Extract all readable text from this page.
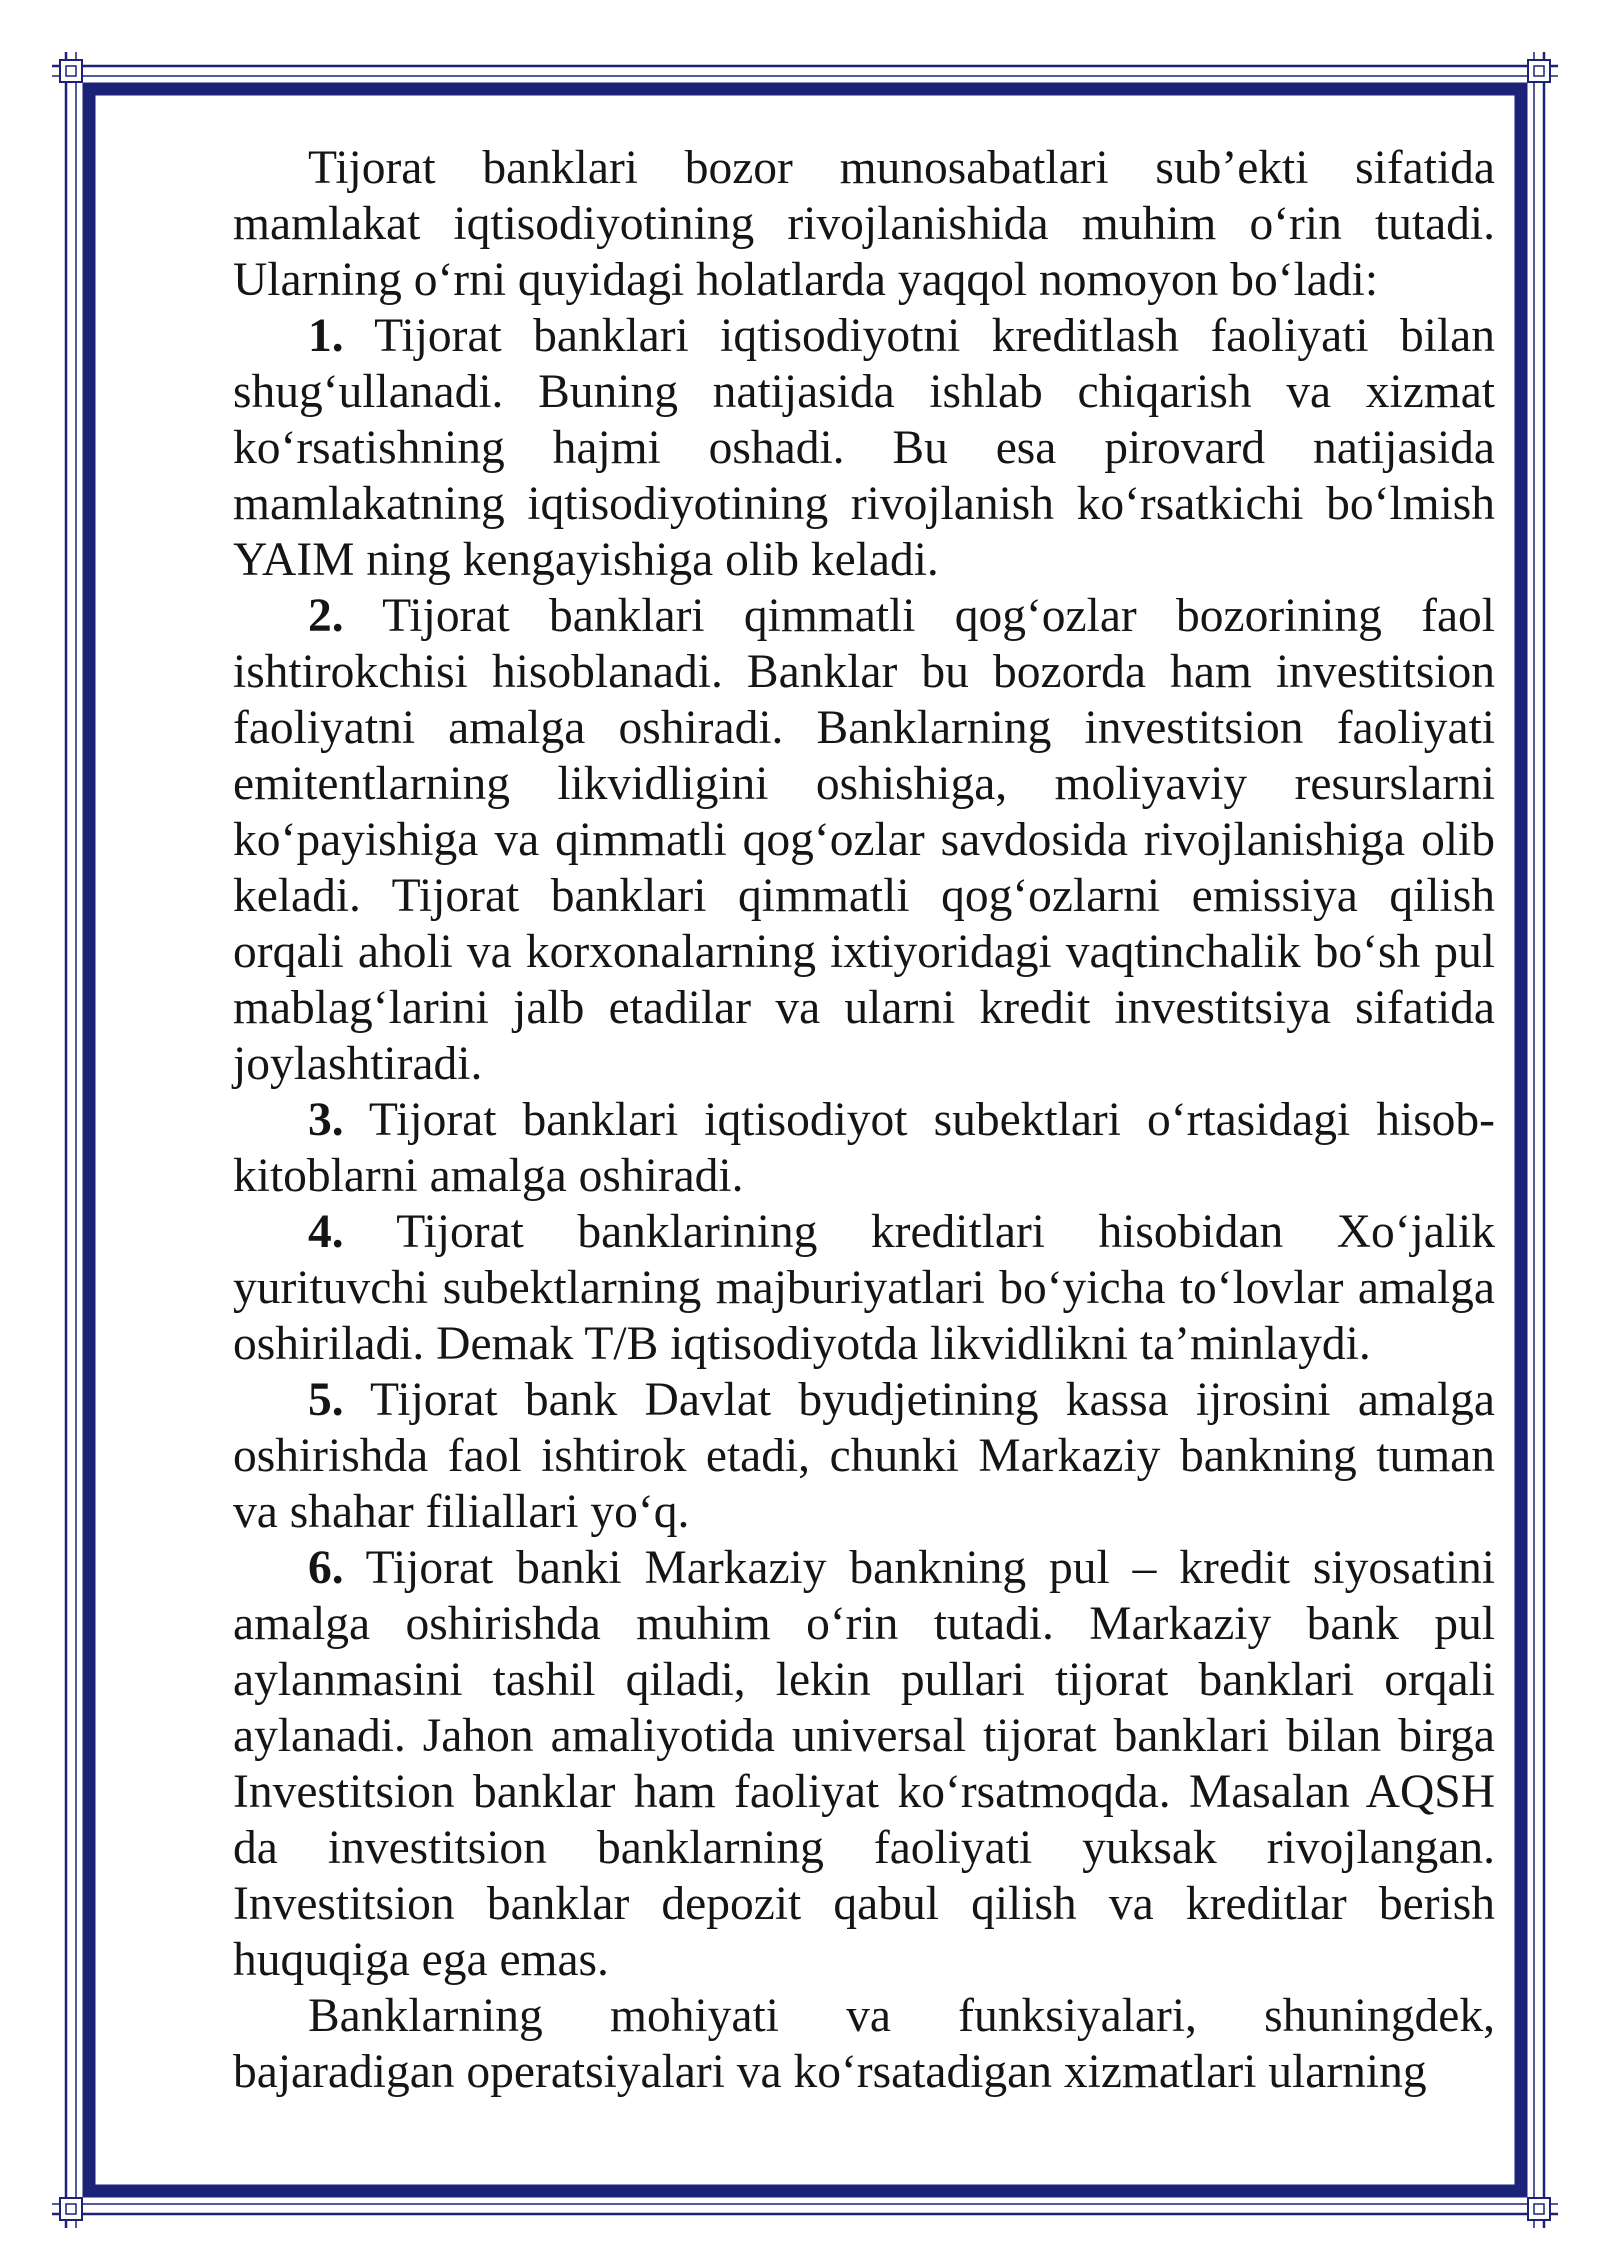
Tijorat banklari bozor munosabatlari sub’ekti sifatida
mamlakat iqtisodiyotining rivojlanishida muhim o‘rin tutadi.
Ularning o‘rni quyidagi holatlarda yaqqol nomoyon bo‘ladi:
1. Tijorat banklari iqtisodiyotni kreditlash faoliyati bilan
shug‘ullanadi. Buning natijasida ishlab chiqarish va xizmat
ko‘rsatishning hajmi oshadi. Bu esa pirovard natijasida
mamlakatning iqtisodiyotining rivojlanish ko‘rsatkichi bo‘lmish
YAIM ning kengayishiga olib keladi.
2. Tijorat banklari qimmatli qog‘ozlar bozorining faol
ishtirokchisi hisoblanadi. Banklar bu bozorda ham investitsion
faoliyatni amalga oshiradi. Banklarning investitsion faoliyati
emitentlarning likvidligini oshishiga, moliyaviy resurslarni
ko‘payishiga va qimmatli qog‘ozlar savdosida rivojlanishiga olib
keladi. Tijorat banklari qimmatli qog‘ozlarni emissiya qilish
orqali aholi va korxonalarning ixtiyoridagi vaqtinchalik bo‘sh pul
mablag‘larini jalb etadilar va ularni kredit investitsiya sifatida
joylashtiradi.
3. Tijorat banklari iqtisodiyot subektlari o‘rtasidagi hisob-
kitoblarni amalga oshiradi.
4. Tijorat banklarining kreditlari hisobidan Xo‘jalik
yurituvchi subektlarning majburiyatlari bo‘yicha to‘lovlar amalga
oshiriladi. Demak T/B iqtisodiyotda likvidlikni ta’minlaydi.
5. Tijorat bank Davlat byudjetining kassa ijrosini amalga
oshirishda faol ishtirok etadi, chunki Markaziy bankning tuman
va shahar filiallari yo‘q.
6. Tijorat banki Markaziy bankning pul – kredit siyosatini
amalga oshirishda muhim o‘rin tutadi. Markaziy bank pul
aylanmasini tashil qiladi, lekin pullari tijorat banklari orqali
aylanadi. Jahon amaliyotida universal tijorat banklari bilan birga
Investitsion banklar ham faoliyat ko‘rsatmoqda. Masalan AQSH
da investitsion banklarning faoliyati yuksak rivojlangan.
Investitsion banklar depozit qabul qilish va kreditlar berish
huquqiga ega emas.
Banklarning mohiyati va funksiyalari, shuningdek,
bajaradigan operatsiyalari va ko‘rsatadigan xizmatlari ularning
